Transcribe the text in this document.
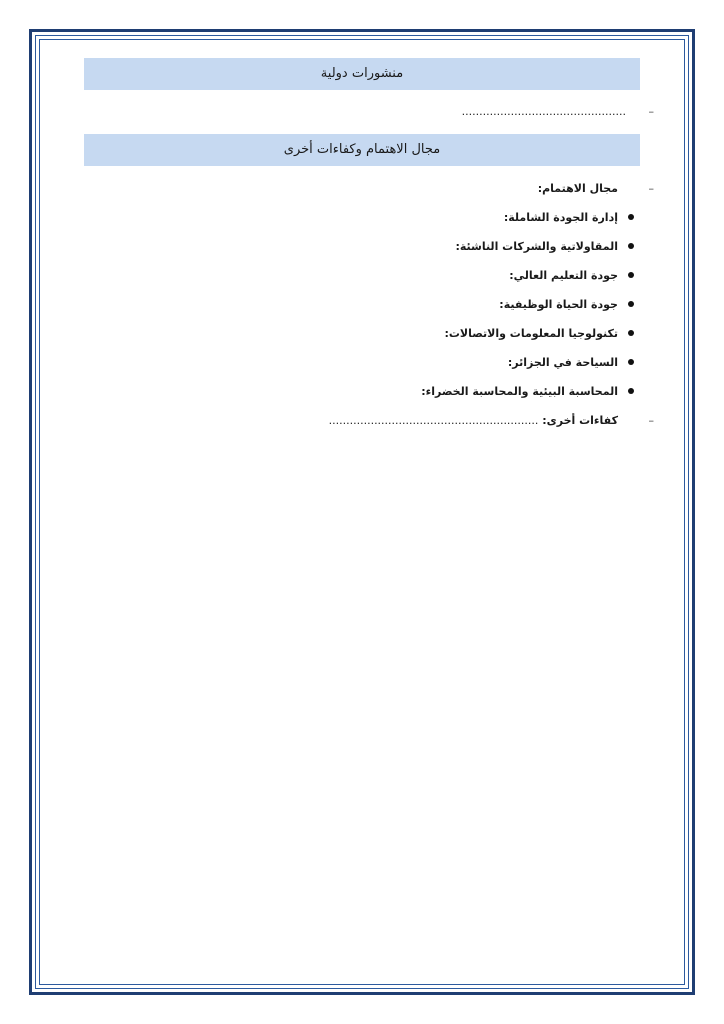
منشورات دولية
–
...............................................
مجال الاهتمام وكفاءات أخرى
–
مجال الاهتمام:
إدارة الجودة الشاملة:
المقاولاتية والشركات الناشئة:
جودة التعليم العالي:
جودة الحياة الوظيفية:
تكنولوجيا المعلومات والاتصالات:
السياحة في الجزائر:
المحاسبة البيئية والمحاسبة الخضراء:
–
كفاءات أخرى: ............................................................
